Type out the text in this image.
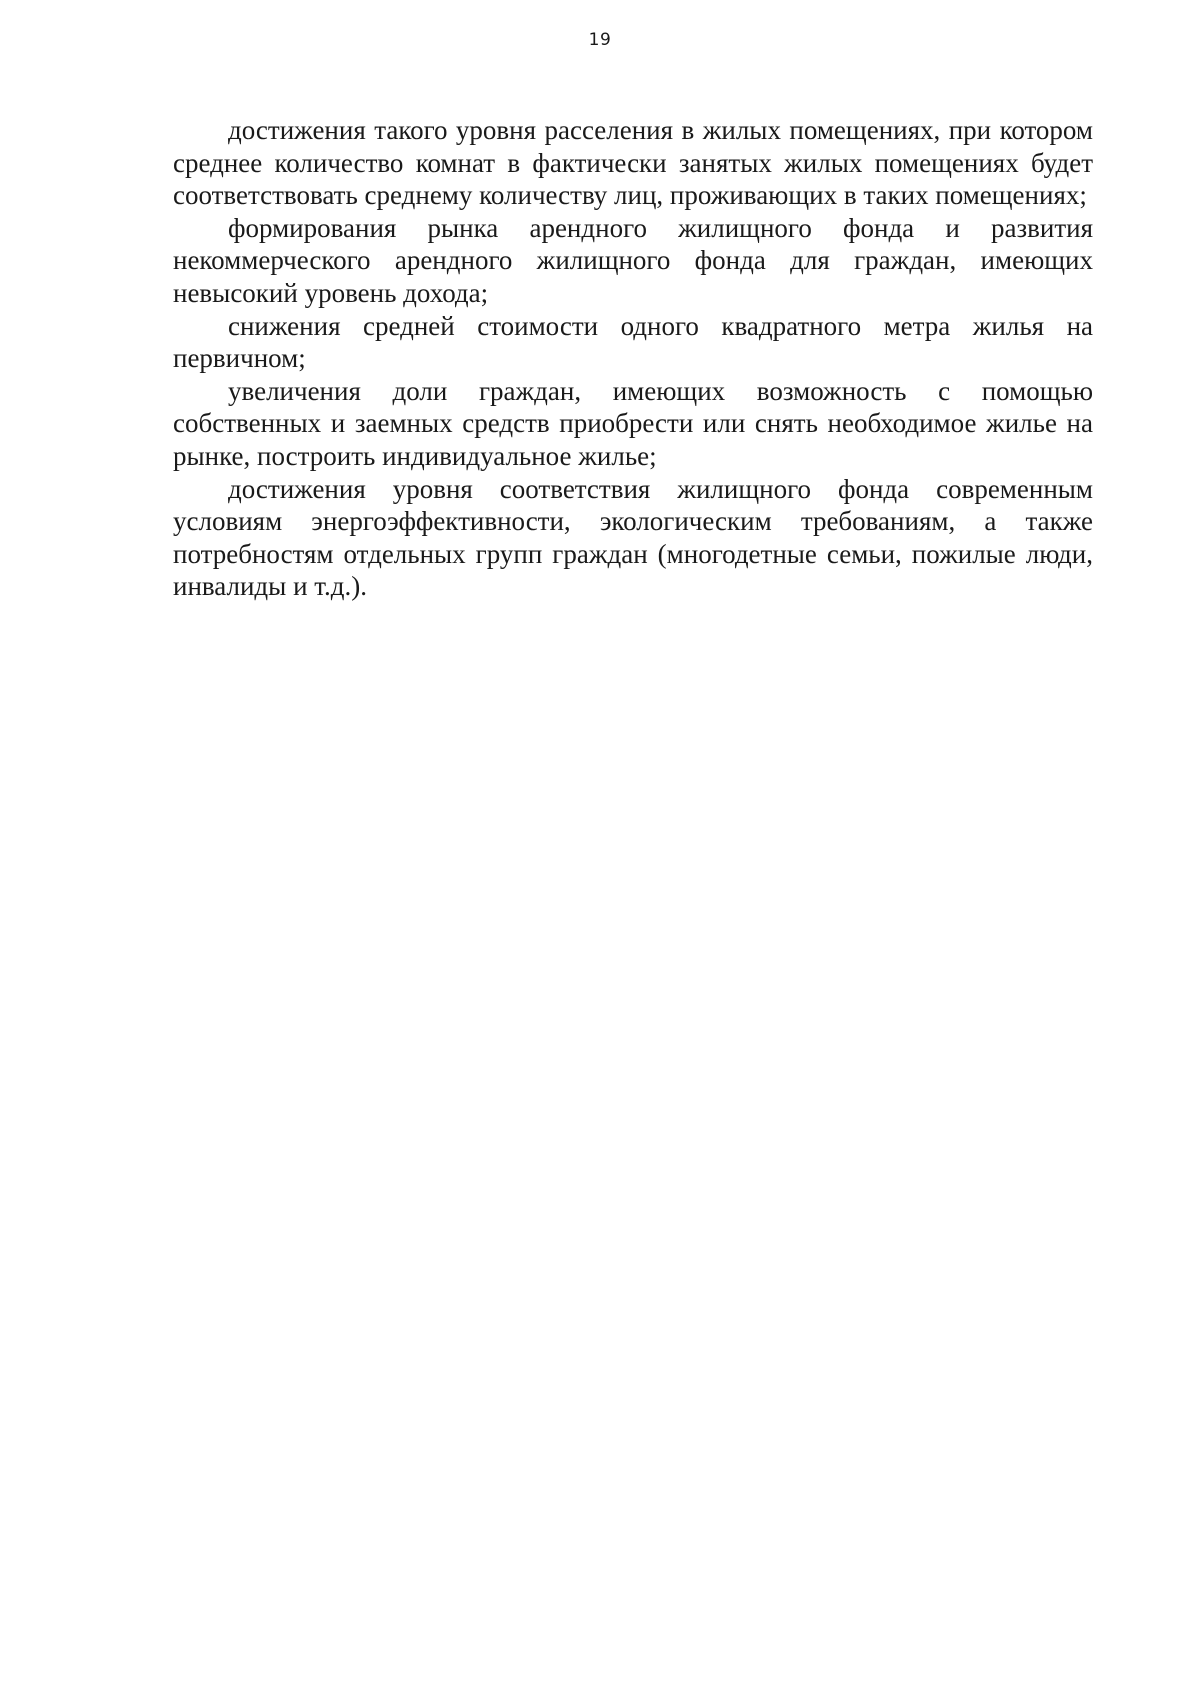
19

достижения такого уровня расселения в жилых помещениях, при котором среднее количество комнат в фактически занятых жилых помещениях будет соответствовать среднему количеству лиц, проживающих в таких помещениях;

формирования рынка арендного жилищного фонда и развития некоммерческого арендного жилищного фонда для граждан, имеющих невысокий уровень дохода;

снижения средней стоимости одного квадратного метра жилья на первичном;

увеличения доли граждан, имеющих возможность с помощью собственных и заемных средств приобрести или снять необходимое жилье на рынке, построить индивидуальное жилье;

достижения уровня соответствия жилищного фонда современным условиям энергоэффективности, экологическим требованиям, а также потребностям отдельных групп граждан (многодетные семьи, пожилые люди, инвалиды и т.д.).
